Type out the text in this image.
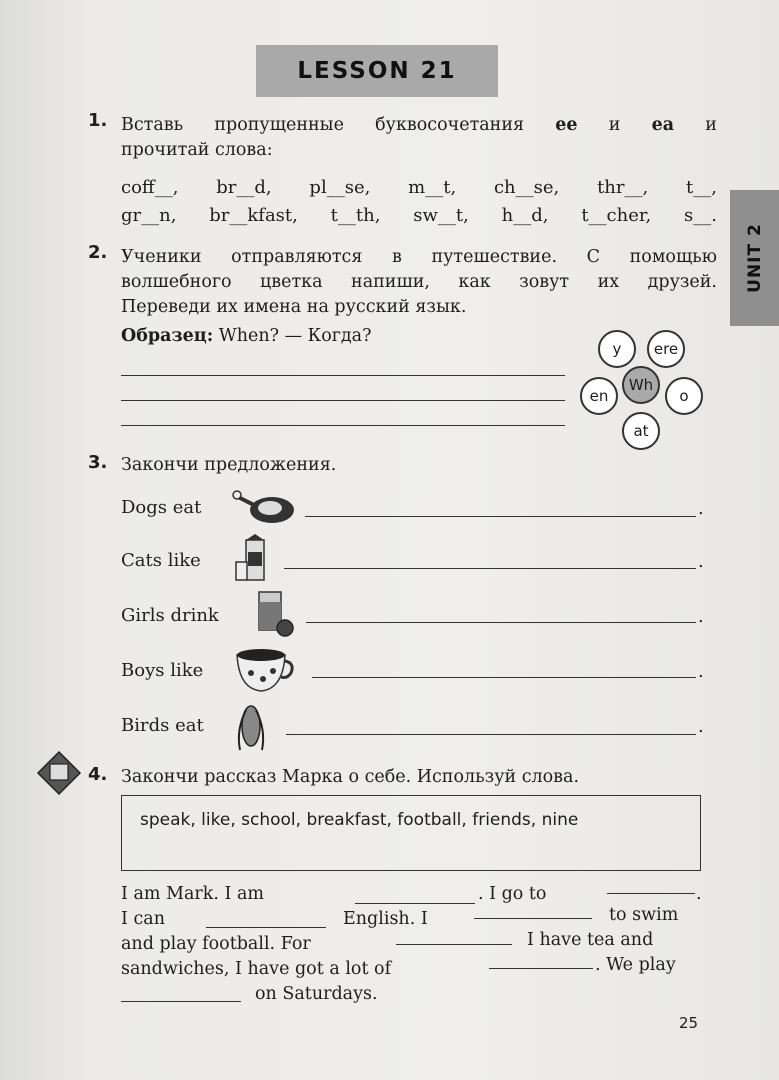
LESSON 21
UNIT 2
1. Вставь пропущенные буквосочетания ee и ea и
прочитай слова:
coff__, br__d, pl__se, m__t, ch__se, thr__, t__,
gr__n, br__kfast, t__th, sw__t, h__d, t__cher, s__.
2. Ученики отправляются в путешествие. С помощью
волшебного цветка напиши, как зовут их друзей.
Переведи их имена на русский язык.
Образец: When? — Когда?
y	ere
en
Wh
o
at
3. Закончи предложения.
Dogs eat	.
Cats like	.
Girls drink	.
Boys like	.
Birds eat	.
4. Закончи рассказ Марка о себе. Используй слова.

speak, like, school, breakfast, football, friends, nine

I am Mark. I am	. I go to	.
I can	English. I	to swim
and play football. For	I have tea and
sandwiches, I have got a lot of	. We play
on Saturdays.
25
